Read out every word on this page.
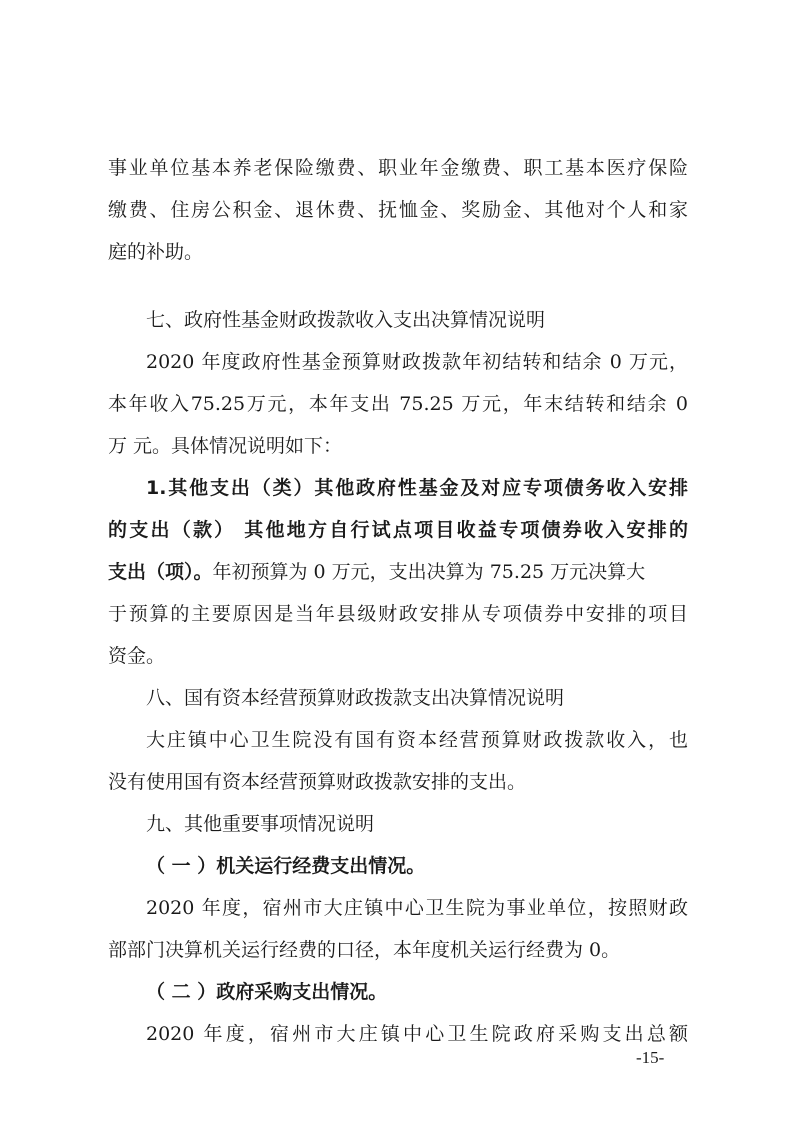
事业单位基本养老保险缴费、职业年金缴费、职工基本医疗保险
缴费、住房公积金、退休费、抚恤金、奖励金、其他对个人和家
庭的补助。
七、政府性基金财政拨款收入支出决算情况说明
2020 年度政府性基金预算财政拨款年初结转和结余 0 万元，
本年收入75.25万元，本年支出 75.25 万元，年末结转和结余 0
万 元。具体情况说明如下：
1.其他支出（类）其他政府性基金及对应专项债务收入安排
的支出（款） 其他地方自行试点项目收益专项债券收入安排的
支出（项）。年初预算为 0 万元，支出决算为 75.25 万元决算大
于预算的主要原因是当年县级财政安排从专项债券中安排的项目
资金。
八、国有资本经营预算财政拨款支出决算情况说明
大庄镇中心卫生院没有国有资本经营预算财政拨款收入，也
没有使用国有资本经营预算财政拨款安排的支出。
九、其他重要事项情况说明
（ 一 ）机关运行经费支出情况。
2020 年度，宿州市大庄镇中心卫生院为事业单位，按照财政
部部门决算机关运行经费的口径，本年度机关运行经费为 0。
（ 二 ）政府采购支出情况。
2020 年度，宿州市大庄镇中心卫生院政府采购支出总额
-15-
